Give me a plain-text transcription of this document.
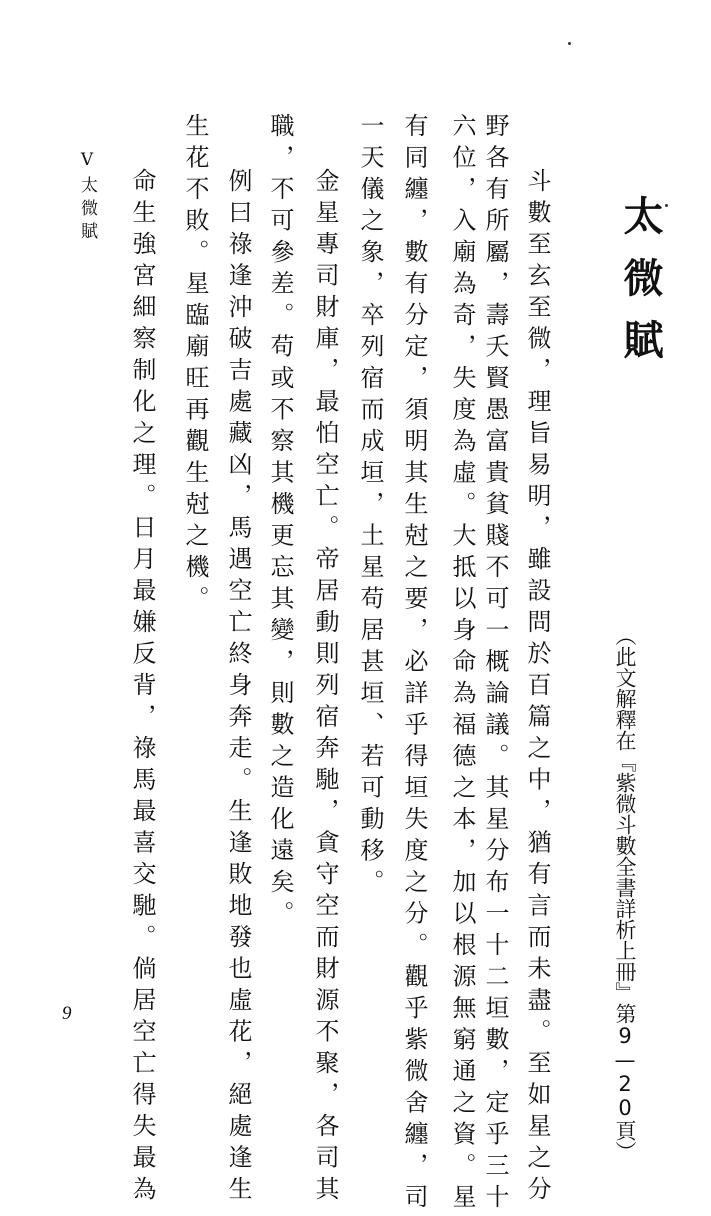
太微賦
（此文解釋在『紫微斗數全書詳析上冊』第9—20頁）
斗數至玄至微，理旨易明，雖設問於百篇之中，猶有言而未盡。至如星之分
野各有所屬，壽夭賢愚富貴貧賤不可一概論議。其星分布一十二垣數，定乎三十
六位，入廟為奇，失度為虛。大抵以身命為福德之本，加以根源無窮通之資。星
有同纏，數有分定，須明其生尅之要，必詳乎得垣失度之分。觀乎紫微舍纏，司
一天儀之象，卒列宿而成垣，土星苟居甚垣、若可動移。
金星專司財庫，最怕空亡。帝居動則列宿奔馳，貪守空而財源不聚，各司其
職，不可參差。苟或不察其機更忘其變，則數之造化遠矣。
例曰祿逢沖破吉處藏凶，馬遇空亡終身奔走。生逢敗地發也虛花，絕處逢生
生花不敗。星臨廟旺再觀生尅之機。
命生強宮細察制化之理。日月最嫌反背，祿馬最喜交馳。倘居空亡得失最為
V太微賦
9
